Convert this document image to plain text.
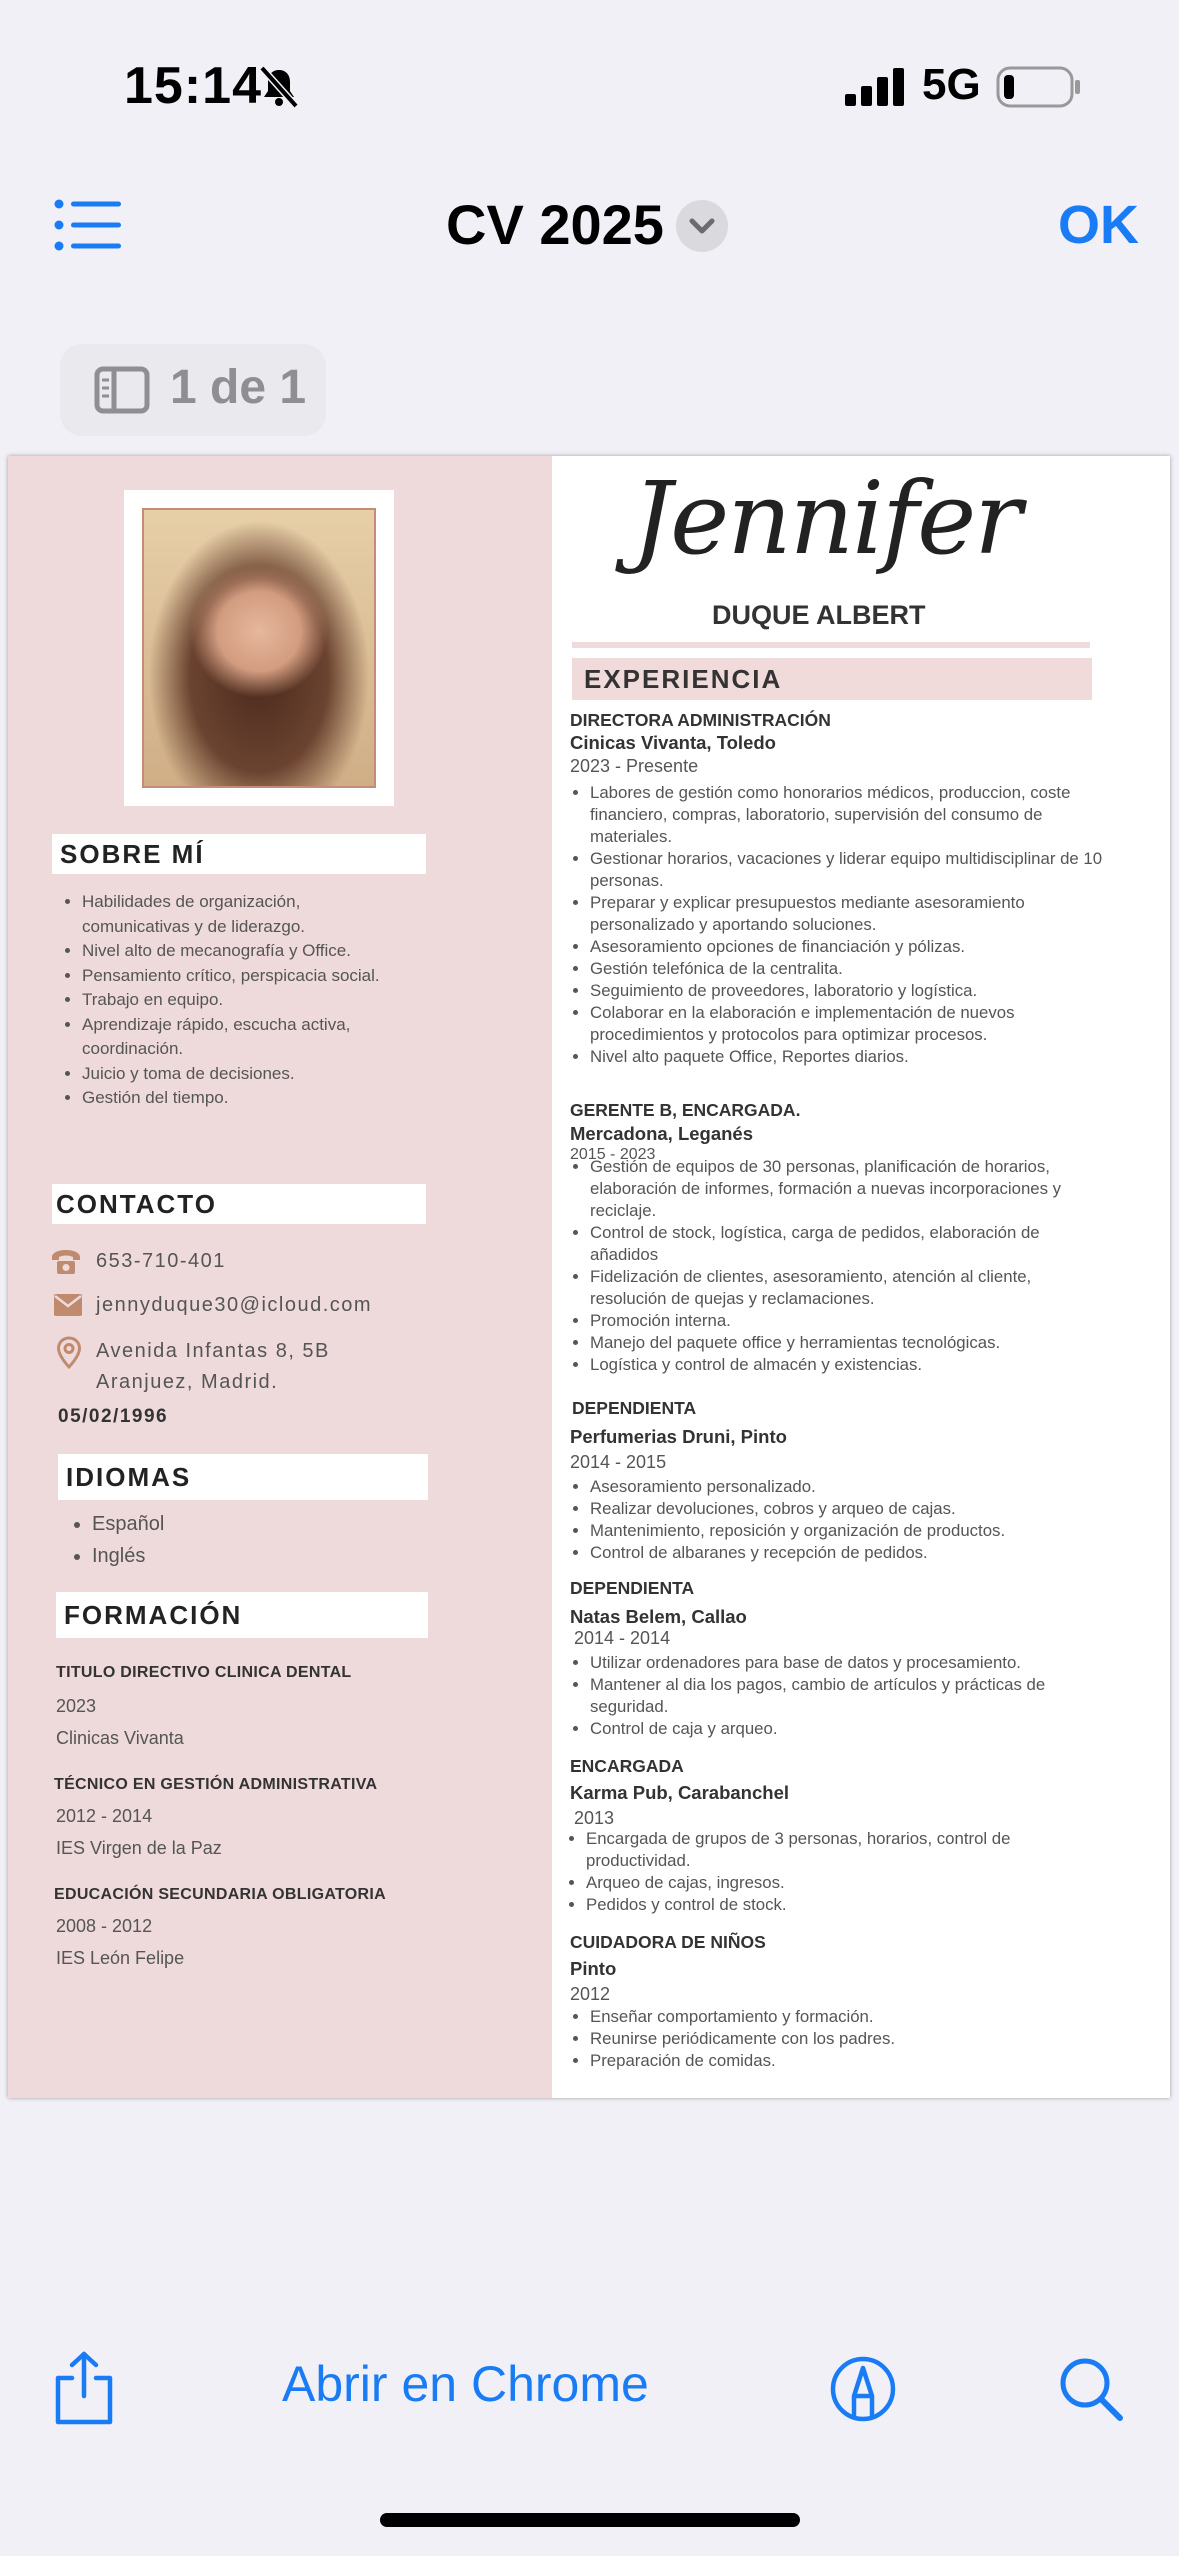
15:14	5G
CV 2025	OK
1 de 1
SOBRE MÍ
• Habilidades de organización, comunicativas y de liderazgo.
• Nivel alto de mecanografía y Office.
• Pensamiento crítico, perspicacia social.
• Trabajo en equipo.
• Aprendizaje rápido, escucha activa, coordinación.
• Juicio y toma de decisiones.
• Gestión del tiempo.
CONTACTO
653-710-401
jennyduque30@icloud.com
Avenida Infantas 8, 5B
Aranjuez, Madrid.
05/02/1996
IDIOMAS
• Español
• Inglés
FORMACIÓN
TITULO DIRECTIVO CLINICA DENTAL
2023
Clinicas Vivanta
TÉCNICO EN GESTIÓN ADMINISTRATIVA
2012 - 2014
IES Virgen de la Paz
EDUCACIÓN SECUNDARIA OBLIGATORIA
2008 - 2012
IES León Felipe
Jennifer
DUQUE ALBERT
EXPERIENCIA
DIRECTORA ADMINISTRACIÓN
Cinicas Vivanta, Toledo
2023 - Presente
• Labores de gestión como honorarios médicos, produccion, coste financiero, compras, laboratorio, supervisión del consumo de materiales.
• Gestionar horarios, vacaciones y liderar equipo multidisciplinar de 10 personas.
• Preparar y explicar presupuestos mediante asesoramiento personalizado y aportando soluciones.
• Asesoramiento opciones de financiación y pólizas.
• Gestión telefónica de la centralita.
• Seguimiento de proveedores, laboratorio y logística.
• Colaborar en la elaboración e implementación de nuevos procedimientos y protocolos para optimizar procesos.
• Nivel alto paquete Office, Reportes diarios.
GERENTE B, ENCARGADA.
Mercadona, Leganés
2015 - 2023
• Gestión de equipos de 30 personas, planificación de horarios, elaboración de informes, formación a nuevas incorporaciones y reciclaje.
• Control de stock, logística, carga de pedidos, elaboración de añadidos
• Fidelización de clientes, asesoramiento, atención al cliente, resolución de quejas y reclamaciones.
• Promoción interna.
• Manejo del paquete office y herramientas tecnológicas.
• Logística y control de almacén y existencias.
DEPENDIENTA
Perfumerias Druni, Pinto
2014 - 2015
• Asesoramiento personalizado.
• Realizar devoluciones, cobros y arqueo de cajas.
• Mantenimiento, reposición y organización de productos.
• Control de albaranes y recepción de pedidos.
DEPENDIENTA
Natas Belem, Callao
2014 - 2014
• Utilizar ordenadores para base de datos y procesamiento.
• Mantener al dia los pagos, cambio de artículos y prácticas de seguridad.
• Control de caja y arqueo.
ENCARGADA
Karma Pub, Carabanchel
2013
• Encargada de grupos de 3 personas, horarios, control de productividad.
• Arqueo de cajas, ingresos.
• Pedidos y control de stock.
CUIDADORA DE NIÑOS
Pinto
2012
• Enseñar comportamiento y formación.
• Reunirse periódicamente con los padres.
• Preparación de comidas.
Abrir en Chrome
